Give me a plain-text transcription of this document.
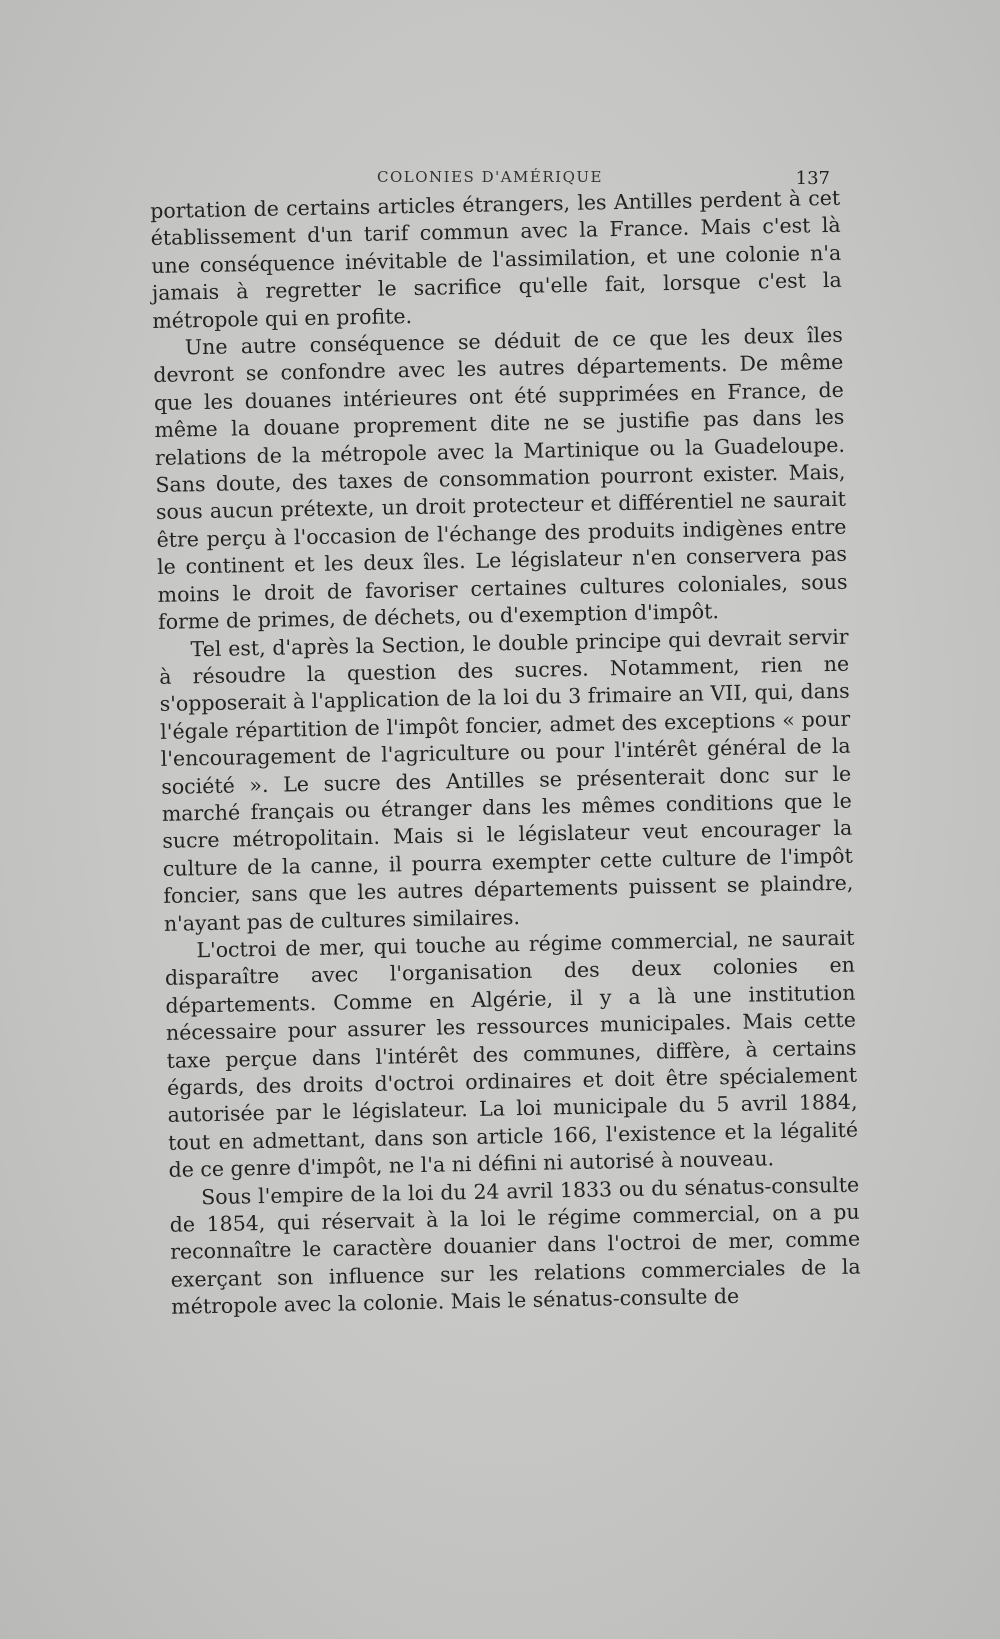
COLONIES D'AMÉRIQUE	137

portation de certains articles étrangers, les Antilles perdent à cet établissement d'un tarif commun avec la France. Mais c'est là une conséquence inévitable de l'assimilation, et une colonie n'a jamais à regretter le sacrifice qu'elle fait, lorsque c'est la métropole qui en profite.

Une autre conséquence se déduit de ce que les deux îles devront se confondre avec les autres départements. De même que les douanes intérieures ont été supprimées en France, de même la douane proprement dite ne se justifie pas dans les relations de la métropole avec la Martinique ou la Guadeloupe. Sans doute, des taxes de consommation pourront exister. Mais, sous aucun prétexte, un droit protecteur et différentiel ne saurait être perçu à l'occasion de l'échange des produits indigènes entre le continent et les deux îles. Le législateur n'en conservera pas moins le droit de favoriser certaines cultures coloniales, sous forme de primes, de déchets, ou d'exemption d'impôt.

Tel est, d'après la Section, le double principe qui devrait servir à résoudre la question des sucres. Notamment, rien ne s'opposerait à l'application de la loi du 3 frimaire an VII, qui, dans l'égale répartition de l'impôt foncier, admet des exceptions « pour l'encouragement de l'agriculture ou pour l'intérêt général de la société ». Le sucre des Antilles se présenterait donc sur le marché français ou étranger dans les mêmes conditions que le sucre métropolitain. Mais si le législateur veut encourager la culture de la canne, il pourra exempter cette culture de l'impôt foncier, sans que les autres départements puissent se plaindre, n'ayant pas de cultures similaires.

L'octroi de mer, qui touche au régime commercial, ne saurait disparaître avec l'organisation des deux colonies en départements. Comme en Algérie, il y a là une institution nécessaire pour assurer les ressources municipales. Mais cette taxe perçue dans l'intérêt des communes, diffère, à certains égards, des droits d'octroi ordinaires et doit être spécialement autorisée par le législateur. La loi municipale du 5 avril 1884, tout en admettant, dans son article 166, l'existence et la légalité de ce genre d'impôt, ne l'a ni défini ni autorisé à nouveau.

Sous l'empire de la loi du 24 avril 1833 ou du sénatus-consulte de 1854, qui réservait à la loi le régime commercial, on a pu reconnaître le caractère douanier dans l'octroi de mer, comme exerçant son influence sur les relations commerciales de la métropole avec la colonie. Mais le sénatus-consulte de
